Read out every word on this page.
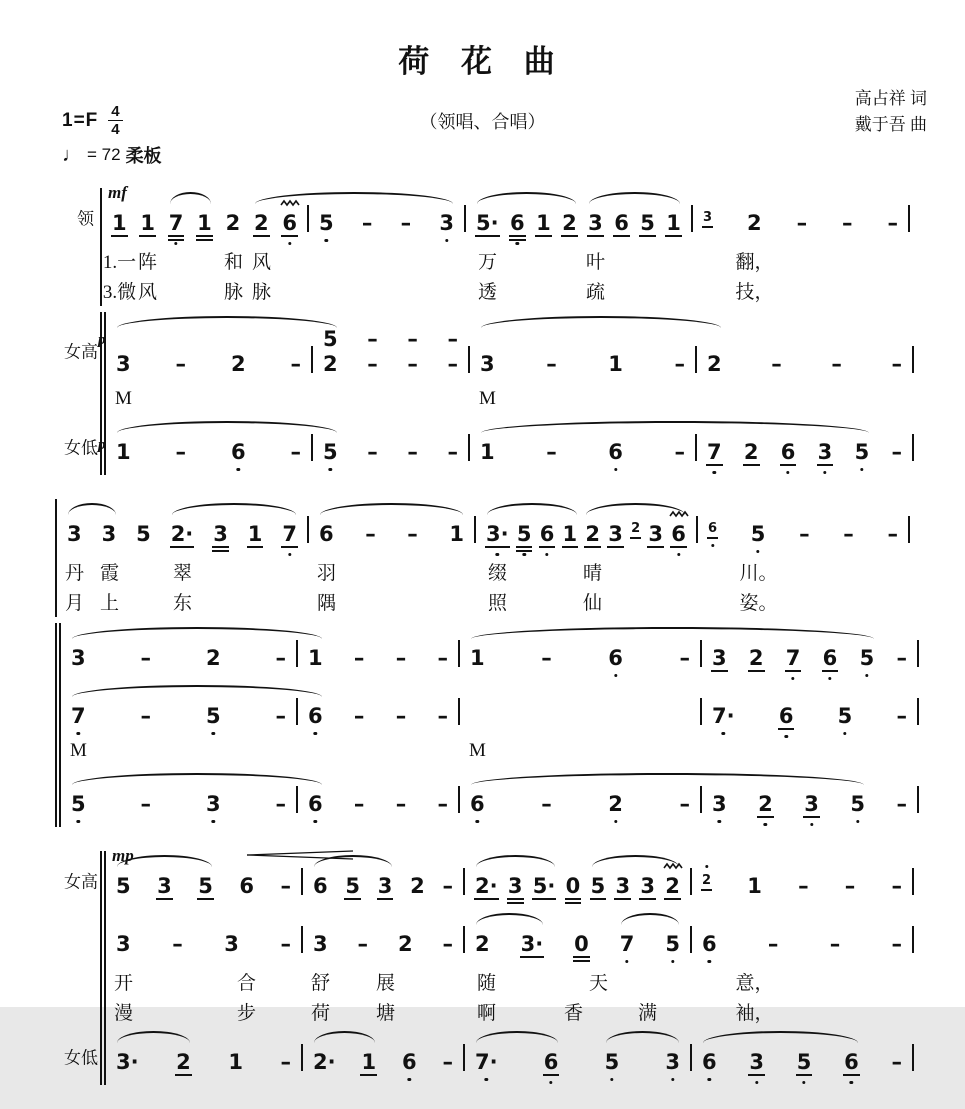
荷 花 曲
（领唱、合唱）
高占祥 词
戴于吾 曲
$1=F \frac{4}{4}$
♩ = 72 柔板
领
mf
1 1 7 1 2 2 6 5 – – 3 5· 6 1 2 3 6 5 1 3 2 – – –
1.一 阵	和 风	万	叶	翻，
3.微 风	脉 脉	透	疏	技，
女高
p
3 – 2 –
5
2
–
–
–
–
–
– 3 – 1 – 2 – – –
M	M
女低 p 1 – 6 – 5 – – – 1 – 6 – 7 2 6 3 5 –
3 3 5 2· 3 1 7 6 – – 1 3· 5 6 1 2 3 2 3 6 6 5 – – –
丹 霞	翠	羽	缀	晴	川。
月 上	东	隅	照	仙	姿。
3	–	2	– 1 – – – 1	–	6	– 3 2 7 6 5 –
7	–	5	– 6 – – –	7· 6 5 –
M	M
5	–	3	– 6 – – – 6	–	2	– 3 2 3 5 –
女高
mp
5 3 5 6 – 6 5 3 2 – 2· 3 5· 0 5 3 3 2 2 1 – – –
3 – 3 – 3 – 2 – 2 3· 0 7 5 6 – – –
开	合	舒 展	随	天	意，
漫	步	荷 塘	啊	香	满	袖，
女低 3· 2 1 – 2· 1 6 – 7· 6 5 3 6 3 5 6 –
